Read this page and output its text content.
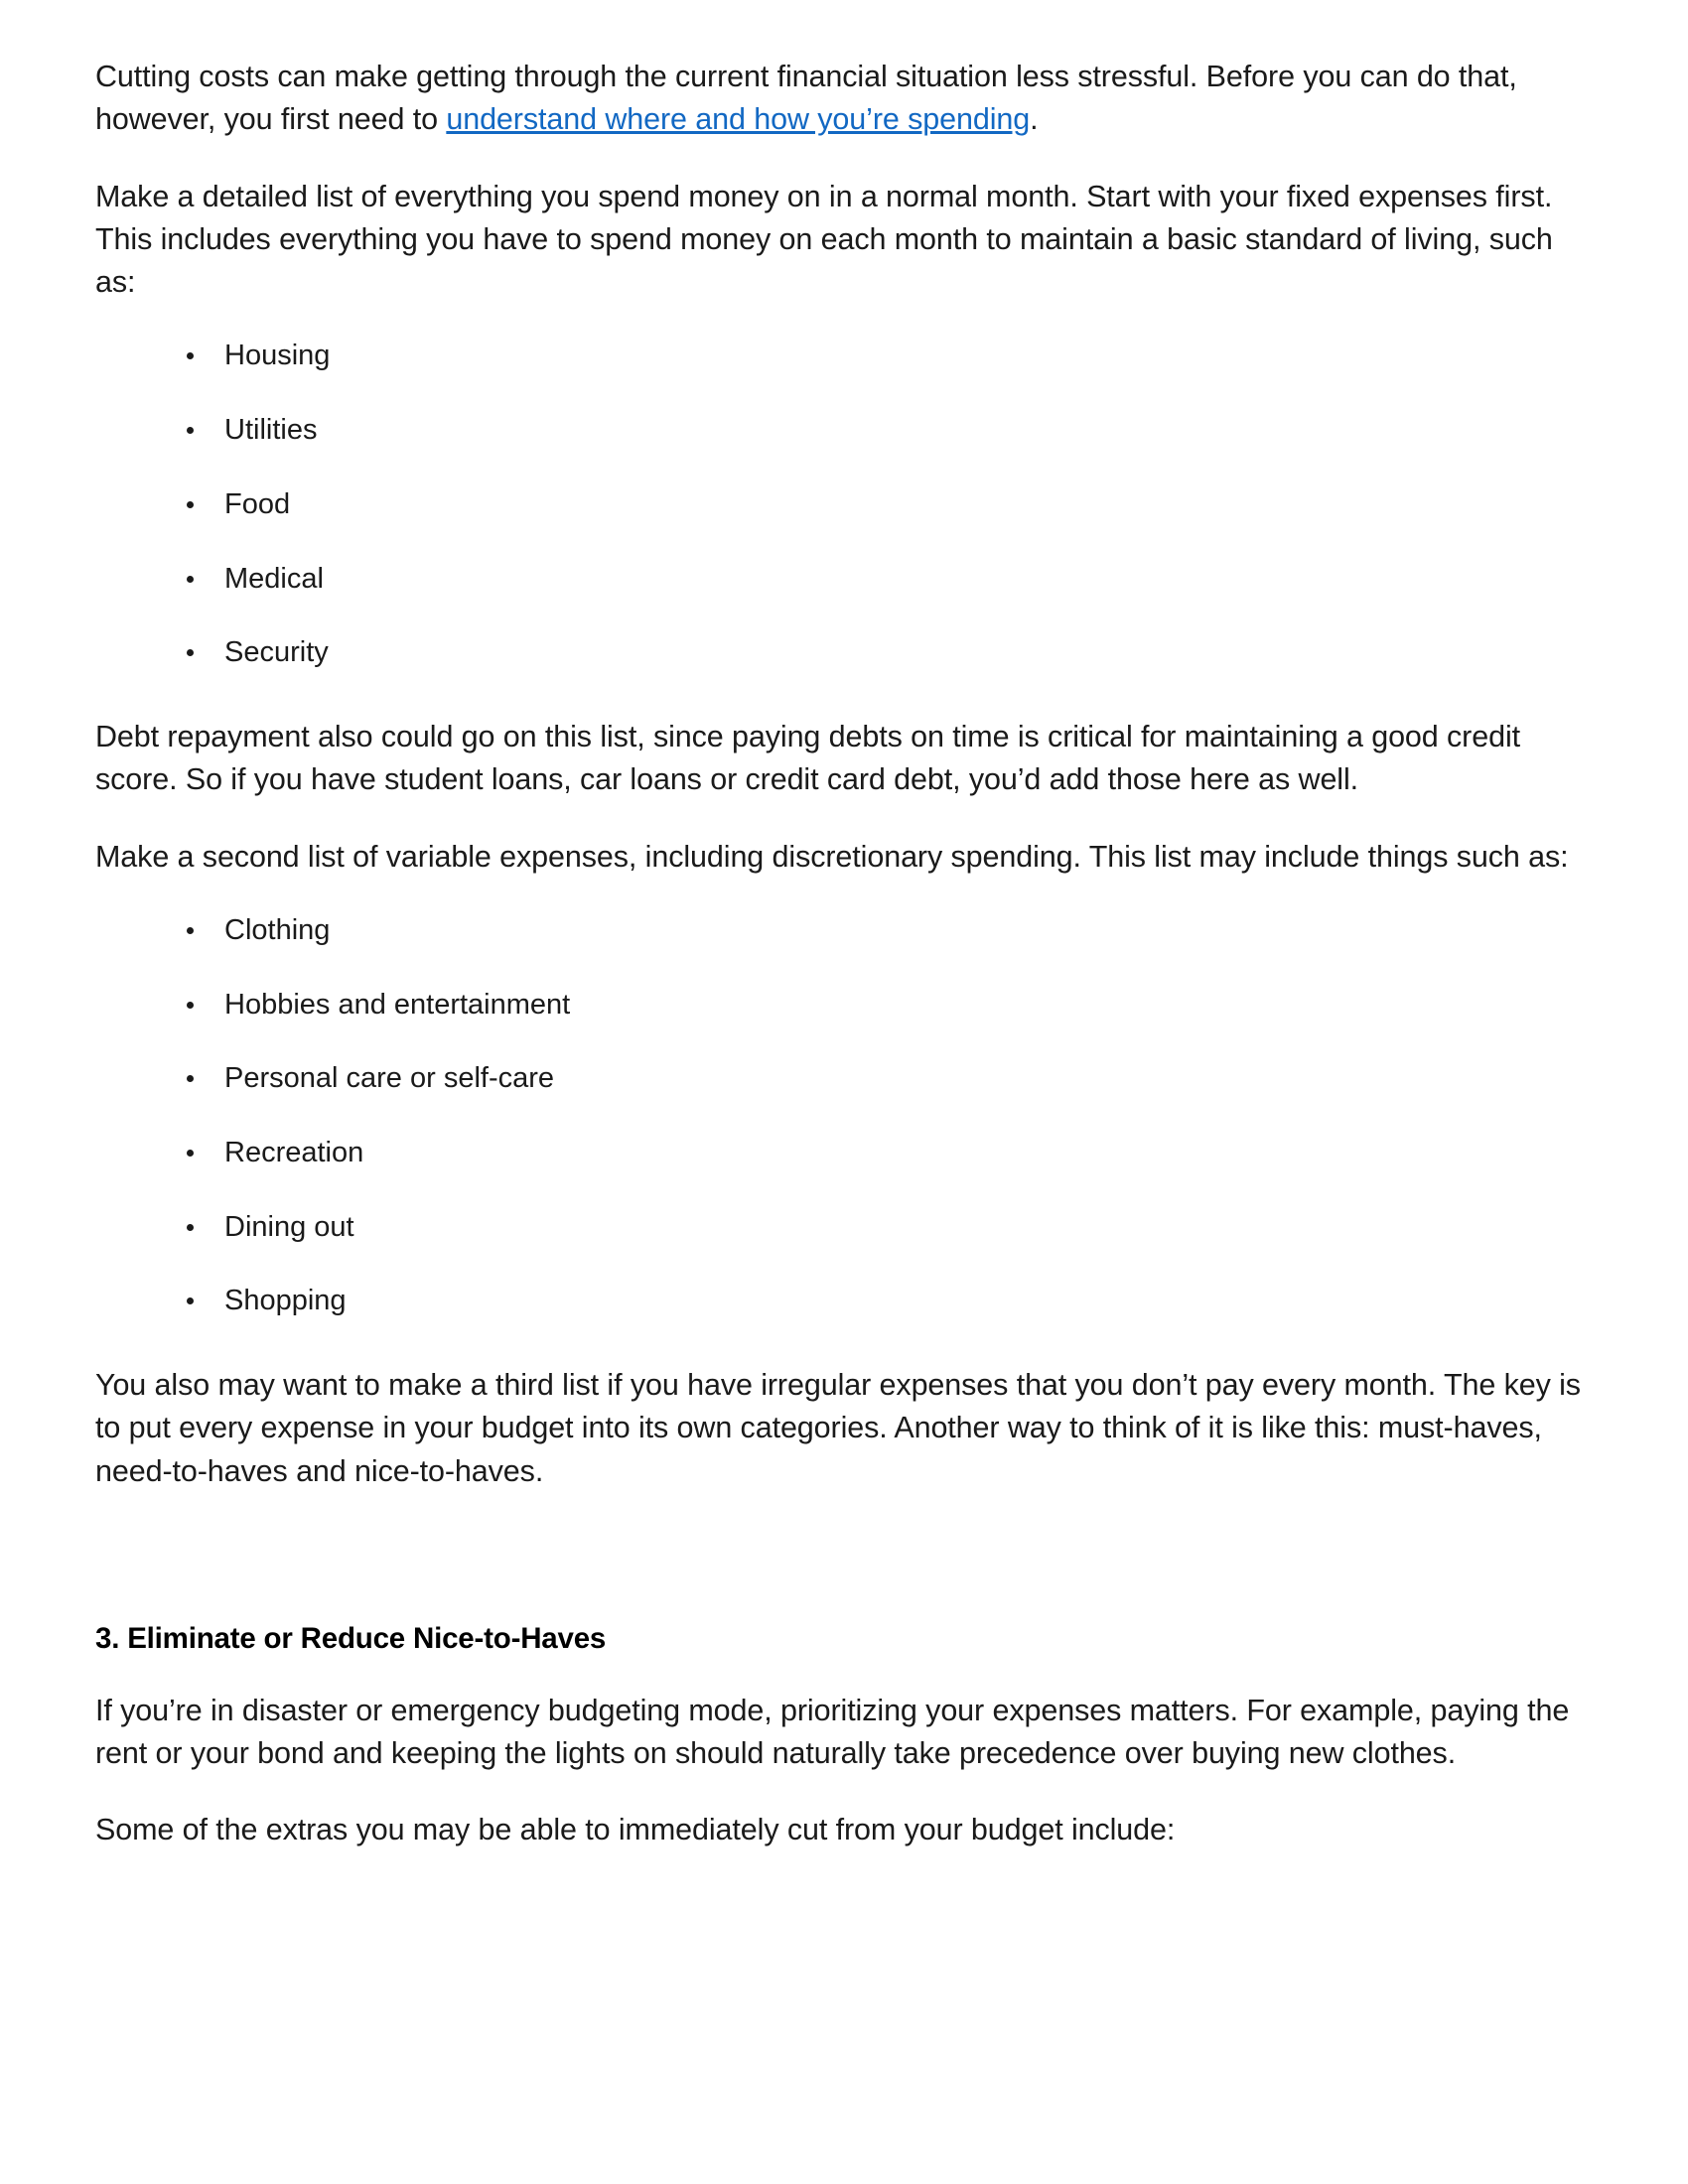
Cutting costs can make getting through the current financial situation less stressful. Before you can do that, however, you first need to understand where and how you’re spending.

Make a detailed list of everything you spend money on in a normal month. Start with your fixed expenses first. This includes everything you have to spend money on each month to maintain a basic standard of living, such as:

Housing
Utilities
Food
Medical
Security

Debt repayment also could go on this list, since paying debts on time is critical for maintaining a good credit score. So if you have student loans, car loans or credit card debt, you’d add those here as well.

Make a second list of variable expenses, including discretionary spending. This list may include things such as:

Clothing
Hobbies and entertainment
Personal care or self-care
Recreation
Dining out
Shopping

You also may want to make a third list if you have irregular expenses that you don’t pay every month. The key is to put every expense in your budget into its own categories. Another way to think of it is like this: must-haves, need-to-haves and nice-to-haves.

3. Eliminate or Reduce Nice-to-Haves

If you’re in disaster or emergency budgeting mode, prioritizing your expenses matters. For example, paying the rent or your bond and keeping the lights on should naturally take precedence over buying new clothes.

Some of the extras you may be able to immediately cut from your budget include:
